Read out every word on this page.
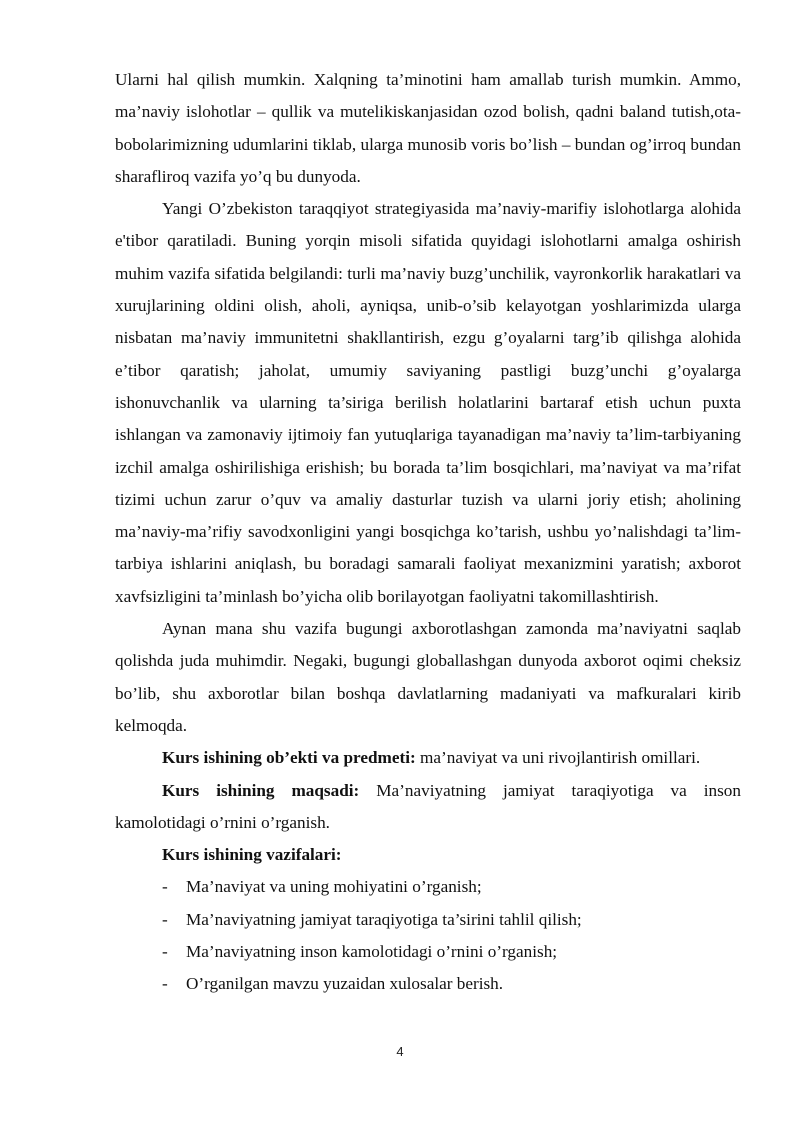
Ularni hal qilish mumkin. Xalqning ta’minotini ham amallab turish mumkin. Ammo, ma’naviy islohotlar – qullik va mutelikiskanjasidan ozod bolish, qadni baland tutish,ota-bobolarimizning udumlarini tiklab, ularga munosib voris bo’lish – bundan og’irroq bundan sharafliroq vazifa yo’q bu dunyoda.

Yangi O’zbekiston taraqqiyot strategiyasida ma’naviy-marifiy islohotlarga alohida e'tibor qaratiladi. Buning yorqin misoli sifatida quyidagi islohotlarni amalga oshirish muhim vazifa sifatida belgilandi: turli ma’naviy buzg’unchilik, vayronkorlik harakatlari va xurujlarining oldini olish, aholi, ayniqsa, unib-o’sib kelayotgan yoshlarimizda ularga nisbatan ma’naviy immunitetni shakllantirish, ezgu g’oyalarni targ’ib qilishga alohida e’tibor qaratish; jaholat, umumiy saviyaning pastligi buzg’unchi g’oyalarga ishonuvchanlik va ularning ta’siriga berilish holatlarini bartaraf etish uchun puxta ishlangan va zamonaviy ijtimoiy fan yutuqlariga tayanadigan ma’naviy ta’lim-tarbiyaning izchil amalga oshirilishiga erishish; bu borada ta’lim bosqichlari, ma’naviyat va ma’rifat tizimi uchun zarur o’quv va amaliy dasturlar tuzish va ularni joriy etish; aholining ma’naviy-ma’rifiy savodxonligini yangi bosqichga ko’tarish, ushbu yo’nalishdagi ta’lim-tarbiya ishlarini aniqlash, bu boradagi samarali faoliyat mexanizmini yaratish; axborot xavfsizligini ta’minlash bo’yicha olib borilayotgan faoliyatni takomillashtirish.

Aynan mana shu vazifa bugungi axborotlashgan zamonda ma’naviyatni saqlab qolishda juda muhimdir. Negaki, bugungi globallashgan dunyoda axborot oqimi cheksiz bo’lib, shu axborotlar bilan boshqa davlatlarning madaniyati va mafkuralari kirib kelmoqda.

Kurs ishining ob’ekti va predmeti: ma’naviyat va uni rivojlantirish omillari.

Kurs ishining maqsadi: Ma’naviyatning jamiyat taraqiyotiga va inson kamolotidagi o’rnini o’rganish.

Kurs ishining vazifalari:

- Ma’naviyat va uning mohiyatini o’rganish;
- Ma’naviyatning jamiyat taraqiyotiga ta’sirini tahlil qilish;
- Ma’naviyatning inson kamolotidagi o’rnini o’rganish;
- O’rganilgan mavzu yuzaidan xulosalar berish.
4
